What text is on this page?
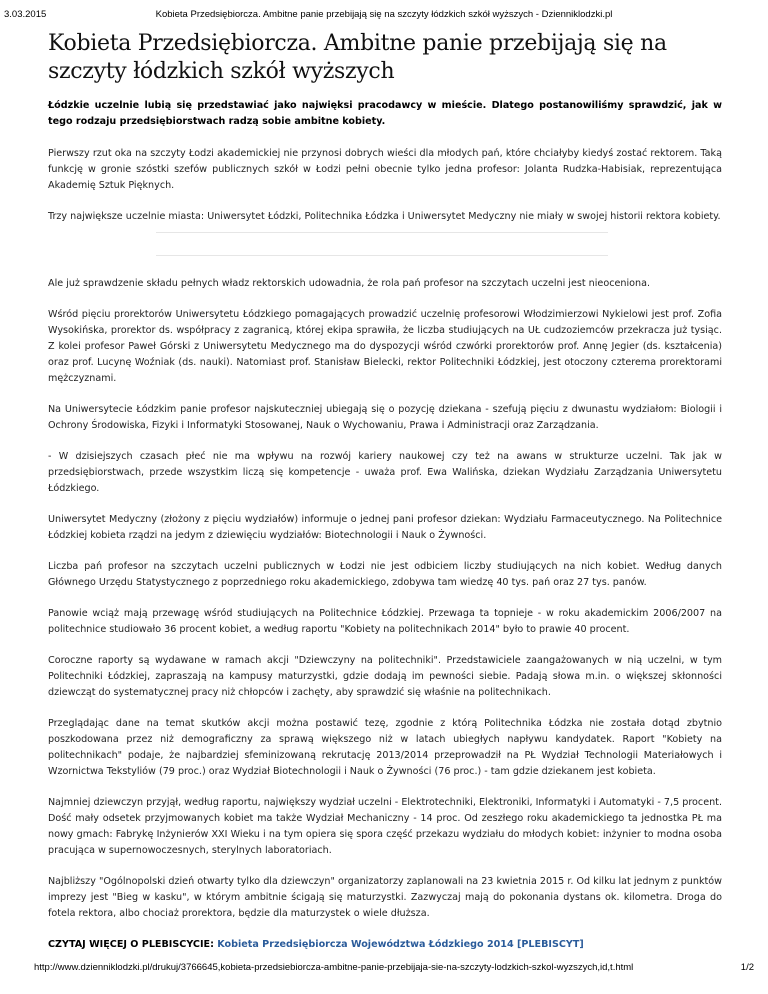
3.03.2015	Kobieta Przedsiębiorcza. Ambitne panie przebijają się na szczyty łódzkich szkół wyższych - Dzienniklodzki.pl
Kobieta Przedsiębiorcza. Ambitne panie przebijają się na szczyty łódzkich szkół wyższych

Łódzkie uczelnie lubią się przedstawiać jako najwięksi pracodawcy w mieście. Dlatego postanowiliśmy sprawdzić, jak w tego rodzaju przedsiębiorstwach radzą sobie ambitne kobiety.

Pierwszy rzut oka na szczyty Łodzi akademickiej nie przynosi dobrych wieści dla młodych pań, które chciałyby kiedyś zostać rektorem. Taką funkcję w gronie szóstki szefów publicznych szkół w Łodzi pełni obecnie tylko jedna profesor: Jolanta Rudzka-Habisiak, reprezentująca Akademię Sztuk Pięknych.

Trzy największe uczelnie miasta: Uniwersytet Łódzki, Politechnika Łódzka i Uniwersytet Medyczny nie miały w swojej historii rektora kobiety.

Ale już sprawdzenie składu pełnych władz rektorskich udowadnia, że rola pań profesor na szczytach uczelni jest nieoceniona.

Wśród pięciu prorektorów Uniwersytetu Łódzkiego pomagających prowadzić uczelnię profesorowi Włodzimierzowi Nykielowi jest prof. Zofia Wysokińska, prorektor ds. współpracy z zagranicą, której ekipa sprawiła, że liczba studiujących na UŁ cudzoziemców przekracza już tysiąc. Z kolei profesor Paweł Górski z Uniwersytetu Medycznego ma do dyspozycji wśród czwórki prorektorów prof. Annę Jegier (ds. kształcenia) oraz prof. Lucynę Woźniak (ds. nauki). Natomiast prof. Stanisław Bielecki, rektor Politechniki Łódzkiej, jest otoczony czterema prorektorami mężczyznami.

Na Uniwersytecie Łódzkim panie profesor najskuteczniej ubiegają się o pozycję dziekana - szefują pięciu z dwunastu wydziałom: Biologii i Ochrony Środowiska, Fizyki i Informatyki Stosowanej, Nauk o Wychowaniu, Prawa i Administracji oraz Zarządzania.

- W dzisiejszych czasach płeć nie ma wpływu na rozwój kariery naukowej czy też na awans w strukturze uczelni. Tak jak w przedsiębiorstwach, przede wszystkim liczą się kompetencje - uważa prof. Ewa Walińska, dziekan Wydziału Zarządzania Uniwersytetu Łódzkiego.

Uniwersytet Medyczny (złożony z pięciu wydziałów) informuje o jednej pani profesor dziekan: Wydziału Farmaceutycznego. Na Politechnice Łódzkiej kobieta rządzi na jedym z dziewięciu wydziałów: Biotechnologii i Nauk o Żywności.

Liczba pań profesor na szczytach uczelni publicznych w Łodzi nie jest odbiciem liczby studiujących na nich kobiet. Według danych Głównego Urzędu Statystycznego z poprzedniego roku akademickiego, zdobywa tam wiedzę 40 tys. pań oraz 27 tys. panów.

Panowie wciąż mają przewagę wśród studiujących na Politechnice Łódzkiej. Przewaga ta topnieje - w roku akademickim 2006/2007 na politechnice studiowało 36 procent kobiet, a według raportu "Kobiety na politechnikach 2014" było to prawie 40 procent.

Coroczne raporty są wydawane w ramach akcji "Dziewczyny na politechniki". Przedstawiciele zaangażowanych w nią uczelni, w tym Politechniki Łódzkiej, zapraszają na kampusy maturzystki, gdzie dodają im pewności siebie. Padają słowa m.in. o większej skłonności dziewcząt do systematycznej pracy niż chłopców i zachęty, aby sprawdzić się właśnie na politechnikach.

Przeglądając dane na temat skutków akcji można postawić tezę, zgodnie z którą Politechnika Łódzka nie została dotąd zbytnio poszkodowana przez niż demograficzny za sprawą większego niż w latach ubiegłych napływu kandydatek. Raport "Kobiety na politechnikach" podaje, że najbardziej sfeminizowaną rekrutację 2013/2014 przeprowadził na PŁ Wydział Technologii Materiałowych i Wzornictwa Tekstyliów (79 proc.) oraz Wydział Biotechnologii i Nauk o Żywności (76 proc.) - tam gdzie dziekanem jest kobieta.

Najmniej dziewczyn przyjął, według raportu, największy wydział uczelni - Elektrotechniki, Elektroniki, Informatyki i Automatyki - 7,5 procent. Dość mały odsetek przyjmowanych kobiet ma także Wydział Mechaniczny - 14 proc. Od zeszłego roku akademickiego ta jednostka PŁ ma nowy gmach: Fabrykę Inżynierów XXI Wieku i na tym opiera się spora część przekazu wydziału do młodych kobiet: inżynier to modna osoba pracująca w supernowoczesnych, sterylnych laboratoriach.

Najbliższy "Ogólnopolski dzień otwarty tylko dla dziewczyn" organizatorzy zaplanowali na 23 kwietnia 2015 r. Od kilku lat jednym z punktów imprezy jest "Bieg w kasku", w którym ambitnie ścigają się maturzystki. Zazwyczaj mają do pokonania dystans ok. kilometra. Droga do fotela rektora, albo chociaż prorektora, będzie dla maturzystek o wiele dłuższa.

CZYTAJ WIĘCEJ O PLEBISCYCIE: Kobieta Przedsiębiorcza Województwa Łódzkiego 2014 [PLEBISCYT]

http://www.dzienniklodzki.pl/drukuj/3766645,kobieta-przedsiebiorcza-ambitne-panie-przebijaja-sie-na-szczyty-lodzkich-szkol-wyzszych,id,t.html	1/2
